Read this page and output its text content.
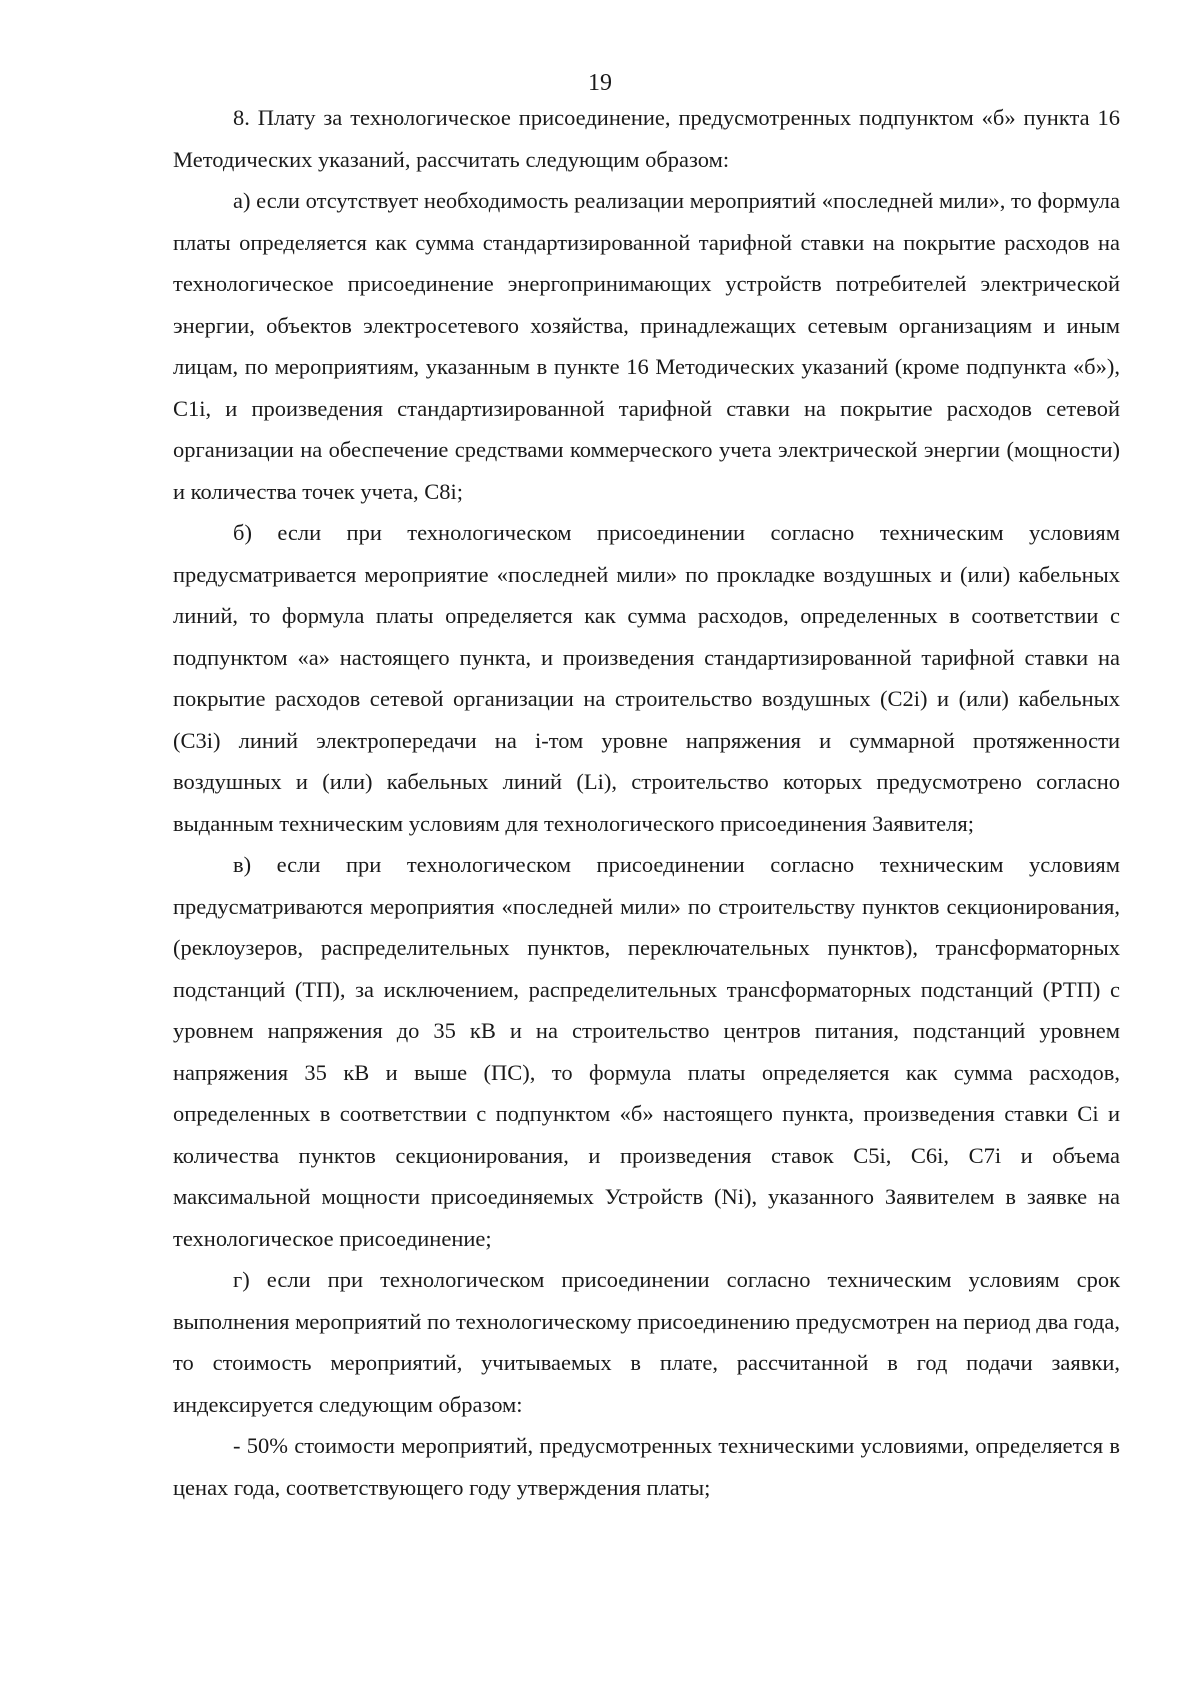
19

8. Плату за технологическое присоединение, предусмотренных подпунктом «б» пункта 16 Методических указаний, рассчитать следующим образом:

а) если отсутствует необходимость реализации мероприятий «последней мили», то формула платы определяется как сумма стандартизированной тарифной ставки на покрытие расходов на технологическое присоединение энергопринимающих устройств потребителей электрической энергии, объектов электросетевого хозяйства, принадлежащих сетевым организациям и иным лицам, по мероприятиям, указанным в пункте 16 Методических указаний (кроме подпункта «б»), C1i, и произведения стандартизированной тарифной ставки на покрытие расходов сетевой организации на обеспечение средствами коммерческого учета электрической энергии (мощности) и количества точек учета, C8i;

б) если при технологическом присоединении согласно техническим условиям предусматривается мероприятие «последней мили» по прокладке воздушных и (или) кабельных линий, то формула платы определяется как сумма расходов, определенных в соответствии с подпунктом «а» настоящего пункта, и произведения стандартизированной тарифной ставки на покрытие расходов сетевой организации на строительство воздушных (C2i) и (или) кабельных (C3i) линий электропередачи на i-том уровне напряжения и суммарной протяженности воздушных и (или) кабельных линий (Li), строительство которых предусмотрено согласно выданным техническим условиям для технологического присоединения Заявителя;

в) если при технологическом присоединении согласно техническим условиям предусматриваются мероприятия «последней мили» по строительству пунктов секционирования, (реклоузеров, распределительных пунктов, переключательных пунктов), трансформаторных подстанций (ТП), за исключением, распределительных трансформаторных подстанций (РТП) с уровнем напряжения до 35 кВ и на строительство центров питания, подстанций уровнем напряжения 35 кВ и выше (ПС), то формула платы определяется как сумма расходов, определенных в соответствии с подпунктом «б» настоящего пункта, произведения ставки Ci и количества пунктов секционирования, и произведения ставок C5i, C6i, C7i и объема максимальной мощности присоединяемых Устройств (Ni), указанного Заявителем в заявке на технологическое присоединение;

г) если при технологическом присоединении согласно техническим условиям срок выполнения мероприятий по технологическому присоединению предусмотрен на период два года, то стоимость мероприятий, учитываемых в плате, рассчитанной в год подачи заявки, индексируется следующим образом:

- 50% стоимости мероприятий, предусмотренных техническими условиями, определяется в ценах года, соответствующего году утверждения платы;
